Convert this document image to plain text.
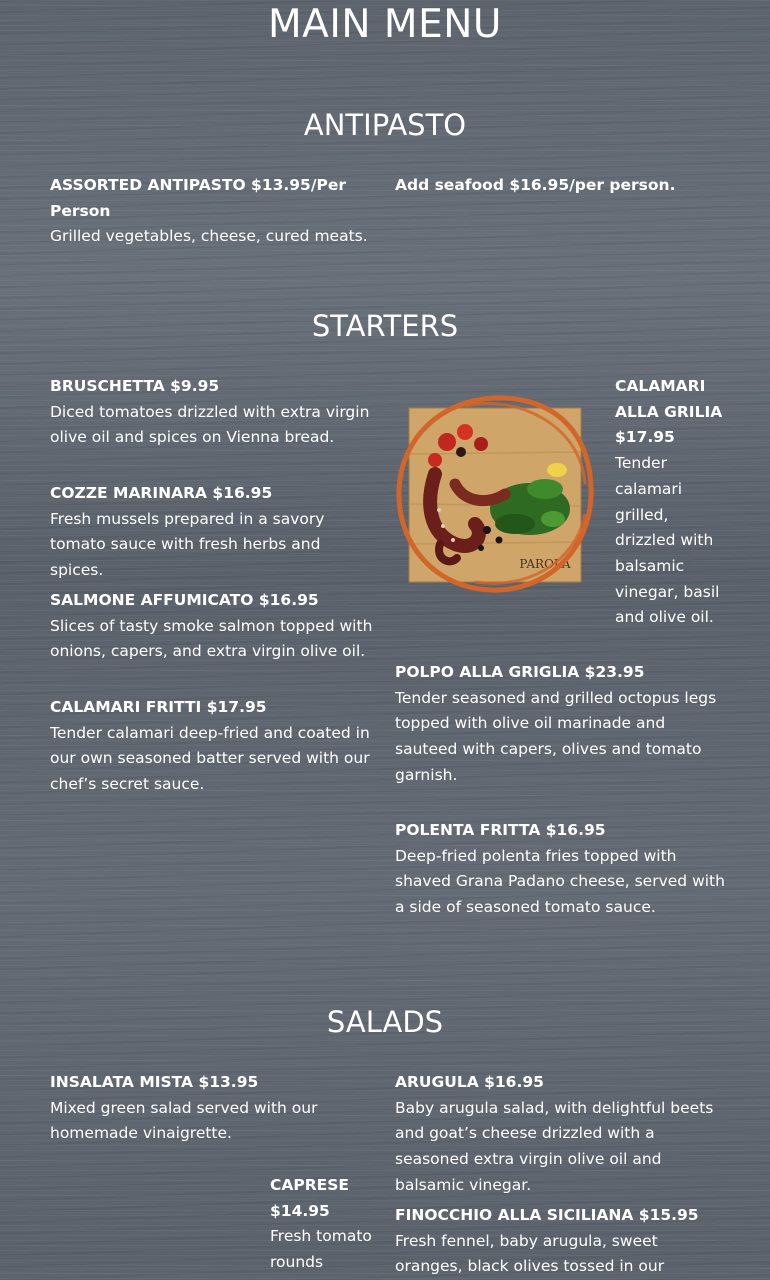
MAIN MENU
ANTIPASTO
ASSORTED ANTIPASTO $13.95/Per Person
Grilled vegetables, cheese, cured meats.
Add seafood $16.95/per person.
STARTERS
BRUSCHETTA $9.95
Diced tomatoes drizzled with extra virgin olive oil and spices on Vienna bread.
COZZE MARINARA $16.95
Fresh mussels prepared in a savory tomato sauce with fresh herbs and spices.
SALMONE AFFUMICATO $16.95
Slices of tasty smoke salmon topped with onions, capers, and extra virgin olive oil.
CALAMARI FRITTI $17.95
Tender calamari deep-fried and coated in our own seasoned batter served with our chef’s secret sauce.
PAROLA
CALAMARI ALLA GRILIA $17.95
Tender calamari grilled, drizzled with balsamic vinegar, basil and olive oil.
POLPO ALLA GRIGLIA $23.95
Tender seasoned and grilled octopus legs topped with olive oil marinade and sauteed with capers, olives and tomato garnish.
POLENTA FRITTA $16.95
Deep-fried polenta fries topped with shaved Grana Padano cheese, served with a side of seasoned tomato sauce.
SALADS
INSALATA MISTA $13.95
Mixed green salad served with our homemade vinaigrette.
ARUGULA $16.95
Baby arugula salad, with delightful beets and goat’s cheese drizzled with a seasoned extra virgin olive oil and balsamic vinegar.
CAPRESE $14.95
Fresh tomato rounds
FINOCCHIO ALLA SICILIANA $15.95
Fresh fennel, baby arugula, sweet oranges, black olives tossed in our
